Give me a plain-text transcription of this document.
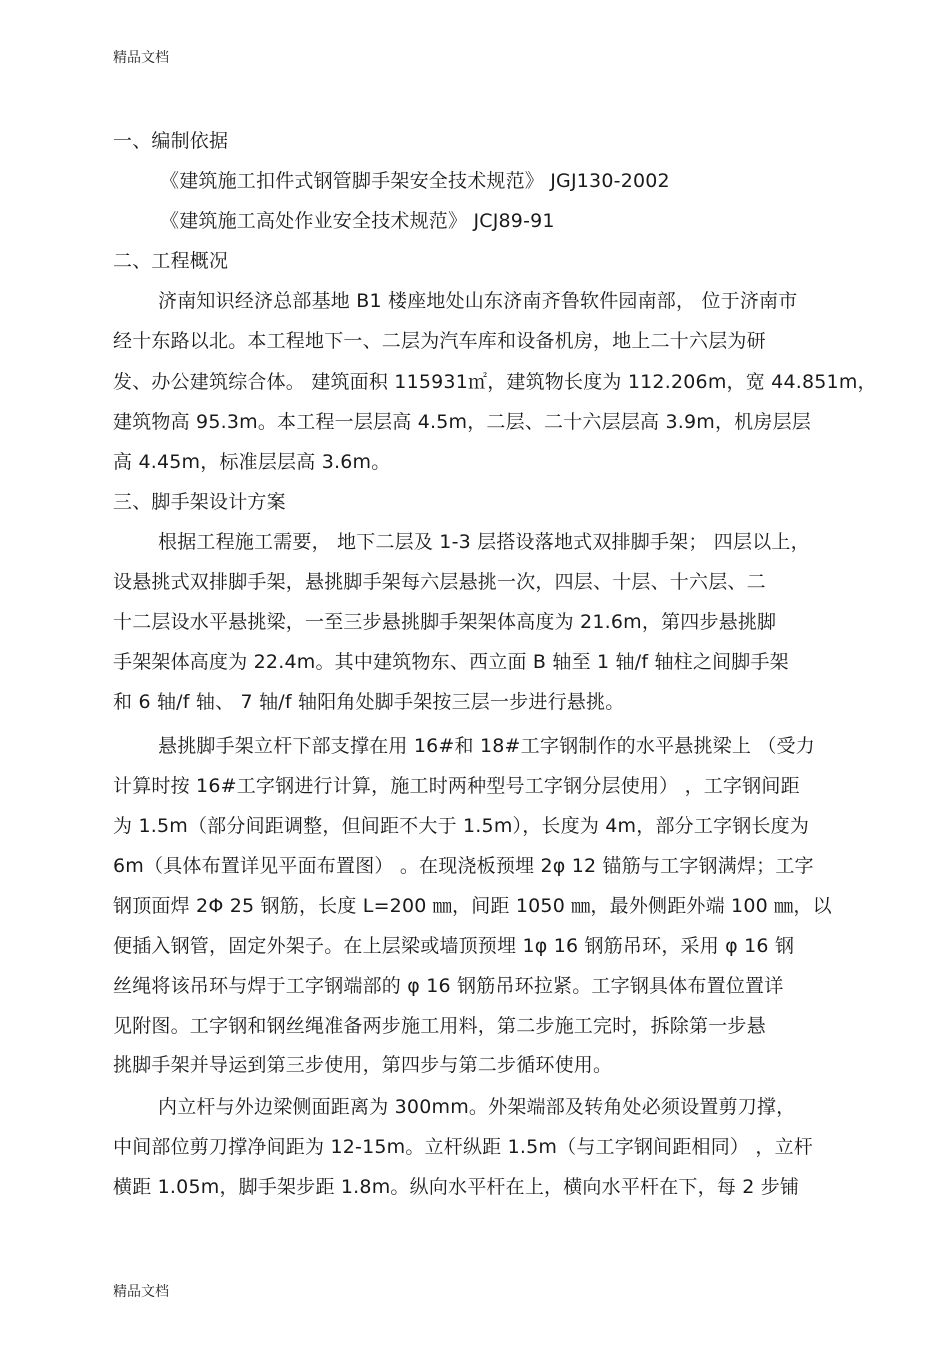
精品文档
一、编制依据
《建筑施工扣件式钢管脚手架安全技术规范》 JGJ130-2002
《建筑施工高处作业安全技术规范》 JCJ89-91
二、工程概况
济南知识经济总部基地 B1 楼座地处山东济南齐鲁软件园南部， 位于济南市
经十东路以北。本工程地下一、二层为汽车库和设备机房，地上二十六层为研
发、办公建筑综合体。 建筑面积 115931㎡，建筑物长度为 112.206m，宽 44.851m，
建筑物高 95.3m。本工程一层层高 4.5m，二层、二十六层层高 3.9m，机房层层
高 4.45m，标准层层高 3.6m。
三、脚手架设计方案
根据工程施工需要， 地下二层及 1-3 层搭设落地式双排脚手架； 四层以上，
设悬挑式双排脚手架，悬挑脚手架每六层悬挑一次，四层、十层、十六层、二
十二层设水平悬挑梁，一至三步悬挑脚手架架体高度为 21.6m，第四步悬挑脚
手架架体高度为 22.4m。其中建筑物东、西立面 B 轴至 1 轴/f 轴柱之间脚手架
和 6 轴/f 轴、 7 轴/f 轴阳角处脚手架按三层一步进行悬挑。
悬挑脚手架立杆下部支撑在用 16#和 18#工字钢制作的水平悬挑梁上 （受力
计算时按 16#工字钢进行计算，施工时两种型号工字钢分层使用） ，工字钢间距
为 1.5m（部分间距调整，但间距不大于 1.5m），长度为 4m，部分工字钢长度为
6m（具体布置详见平面布置图） 。在现浇板预埋 2φ 12 锚筋与工字钢满焊；工字
钢顶面焊 2Φ 25 钢筋，长度 L=200 ㎜，间距 1050 ㎜，最外侧距外端 100 ㎜，以
便插入钢管，固定外架子。在上层梁或墙顶预埋 1φ 16 钢筋吊环，采用 φ 16 钢
丝绳将该吊环与焊于工字钢端部的 φ 16 钢筋吊环拉紧。工字钢具体布置位置详
见附图。工字钢和钢丝绳准备两步施工用料，第二步施工完时，拆除第一步悬
挑脚手架并导运到第三步使用，第四步与第二步循环使用。
内立杆与外边梁侧面距离为 300mm。外架端部及转角处必须设置剪刀撑，
中间部位剪刀撑净间距为 12-15m。立杆纵距 1.5m（与工字钢间距相同） ，立杆
横距 1.05m，脚手架步距 1.8m。纵向水平杆在上，横向水平杆在下，每 2 步铺
精品文档
